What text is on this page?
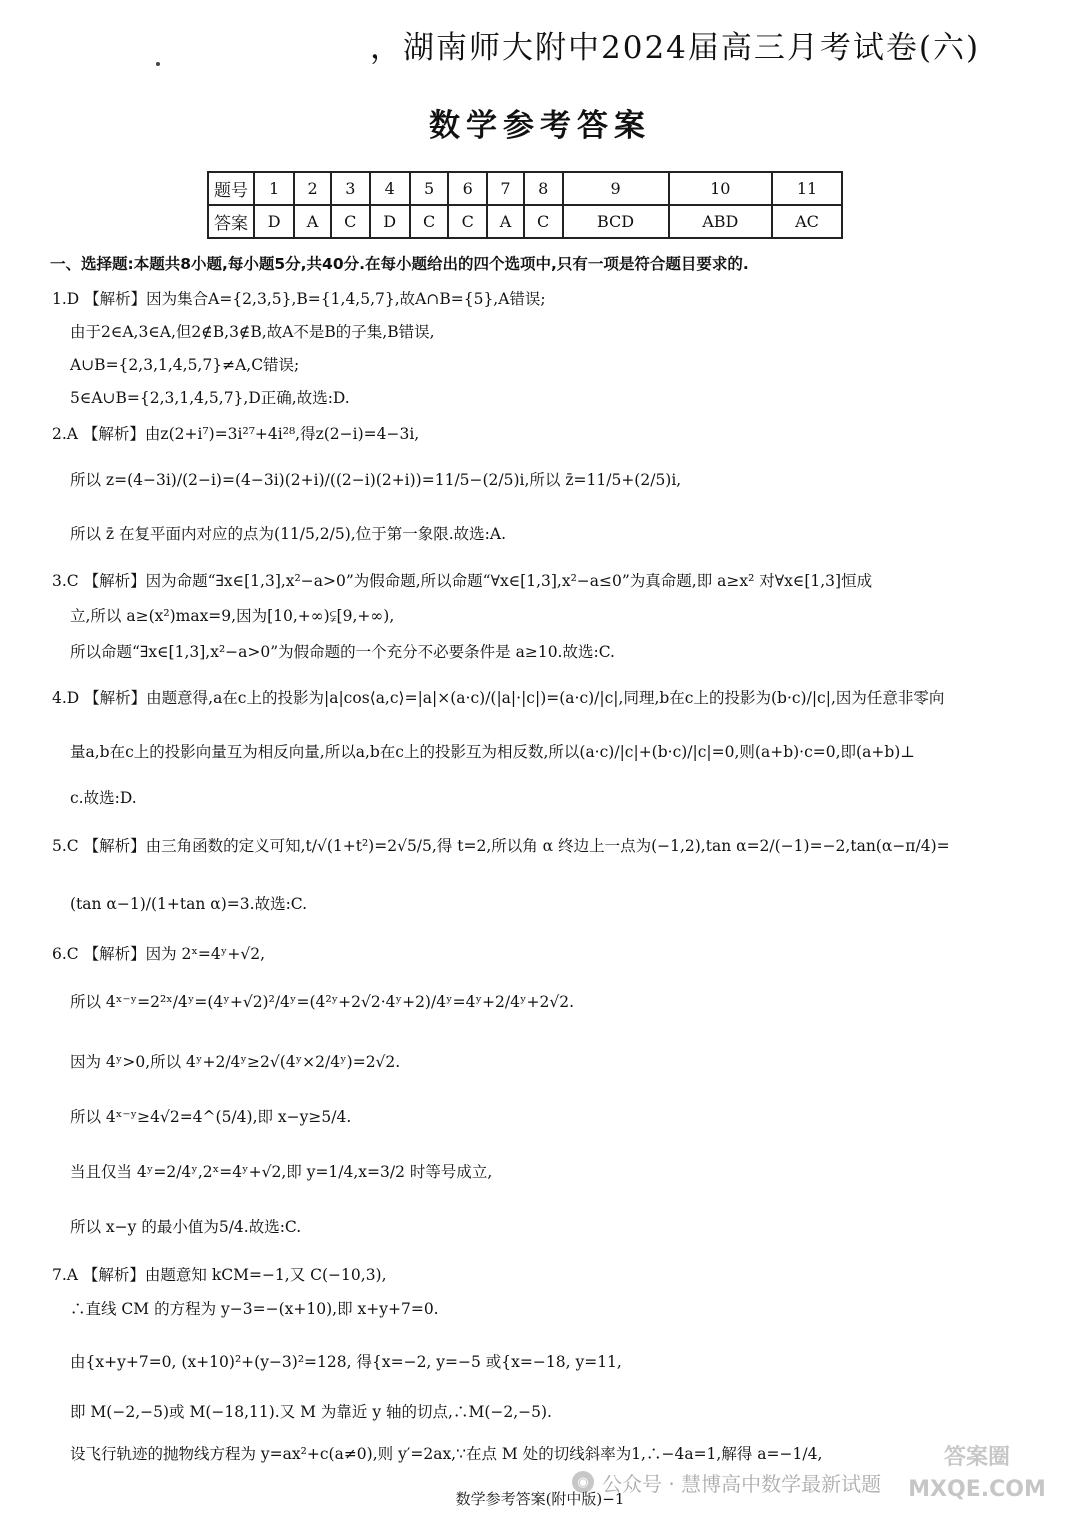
，湖南师大附中2024届高三月考试卷(六)
数学参考答案
题号	1	2	3	4	5	6	7	8	9	10	11
答案	D	A	C	D	C	C	A	C	BCD	ABD	AC
一、选择题:本题共8小题,每小题5分,共40分.在每小题给出的四个选项中,只有一项是符合题目要求的.
1.D 【解析】因为集合A={2,3,5},B={1,4,5,7},故A∩B={5},A错误;
由于2∈A,3∈A,但2∉B,3∉B,故A不是B的子集,B错误,
A∪B={2,3,1,4,5,7}≠A,C错误;
5∈A∪B={2,3,1,4,5,7},D正确,故选:D.
2.A 【解析】由z(2+i⁷)=3i²⁷+4i²⁸,得z(2−i)=4−3i,
所以 z=(4−3i)/(2−i)=(4−3i)(2+i)/((2−i)(2+i))=11/5−(2/5)i,所以 z̄=11/5+(2/5)i,
所以 z̄ 在复平面内对应的点为(11/5,2/5),位于第一象限.故选:A.
3.C 【解析】因为命题“∃x∈[1,3],x²−a>0”为假命题,所以命题“∀x∈[1,3],x²−a≤0”为真命题,即 a≥x² 对∀x∈[1,3]恒成
立,所以 a≥(x²)max=9,因为[10,+∞)⫋[9,+∞),
所以命题“∃x∈[1,3],x²−a>0”为假命题的一个充分不必要条件是 a≥10.故选:C.
4.D 【解析】由题意得,a在c上的投影为|a|cos⟨a,c⟩=|a|×(a·c)/(|a|·|c|)=(a·c)/|c|,同理,b在c上的投影为(b·c)/|c|,因为任意非零向
量a,b在c上的投影向量互为相反向量,所以a,b在c上的投影互为相反数,所以(a·c)/|c|+(b·c)/|c|=0,则(a+b)·c=0,即(a+b)⊥
c.故选:D.
5.C 【解析】由三角函数的定义可知,t/√(1+t²)=2√5/5,得 t=2,所以角 α 终边上一点为(−1,2),tan α=2/(−1)=−2,tan(α−π/4)=
(tan α−1)/(1+tan α)=3.故选:C.
6.C 【解析】因为 2ˣ=4ʸ+√2,
所以 4ˣ⁻ʸ=2²ˣ/4ʸ=(4ʸ+√2)²/4ʸ=(4²ʸ+2√2·4ʸ+2)/4ʸ=4ʸ+2/4ʸ+2√2.
因为 4ʸ>0,所以 4ʸ+2/4ʸ≥2√(4ʸ×2/4ʸ)=2√2.
所以 4ˣ⁻ʸ≥4√2=4^(5/4),即 x−y≥5/4.
当且仅当 4ʸ=2/4ʸ,2ˣ=4ʸ+√2,即 y=1/4,x=3/2 时等号成立,
所以 x−y 的最小值为5/4.故选:C.
7.A 【解析】由题意知 kCM=−1,又 C(−10,3),
∴直线 CM 的方程为 y−3=−(x+10),即 x+y+7=0.
由{x+y+7=0, (x+10)²+(y−3)²=128, 得{x=−2, y=−5 或{x=−18, y=11,
即 M(−2,−5)或 M(−18,11).又 M 为靠近 y 轴的切点,∴M(−2,−5).
设飞行轨迹的抛物线方程为 y=ax²+c(a≠0),则 y′=2ax,∵在点 M 处的切线斜率为1,∴−4a=1,解得 a=−1/4,
◉ 公众号 · 慧博高中数学最新试题
答案圈 MXQE.COM
数学参考答案(附中版)−1
